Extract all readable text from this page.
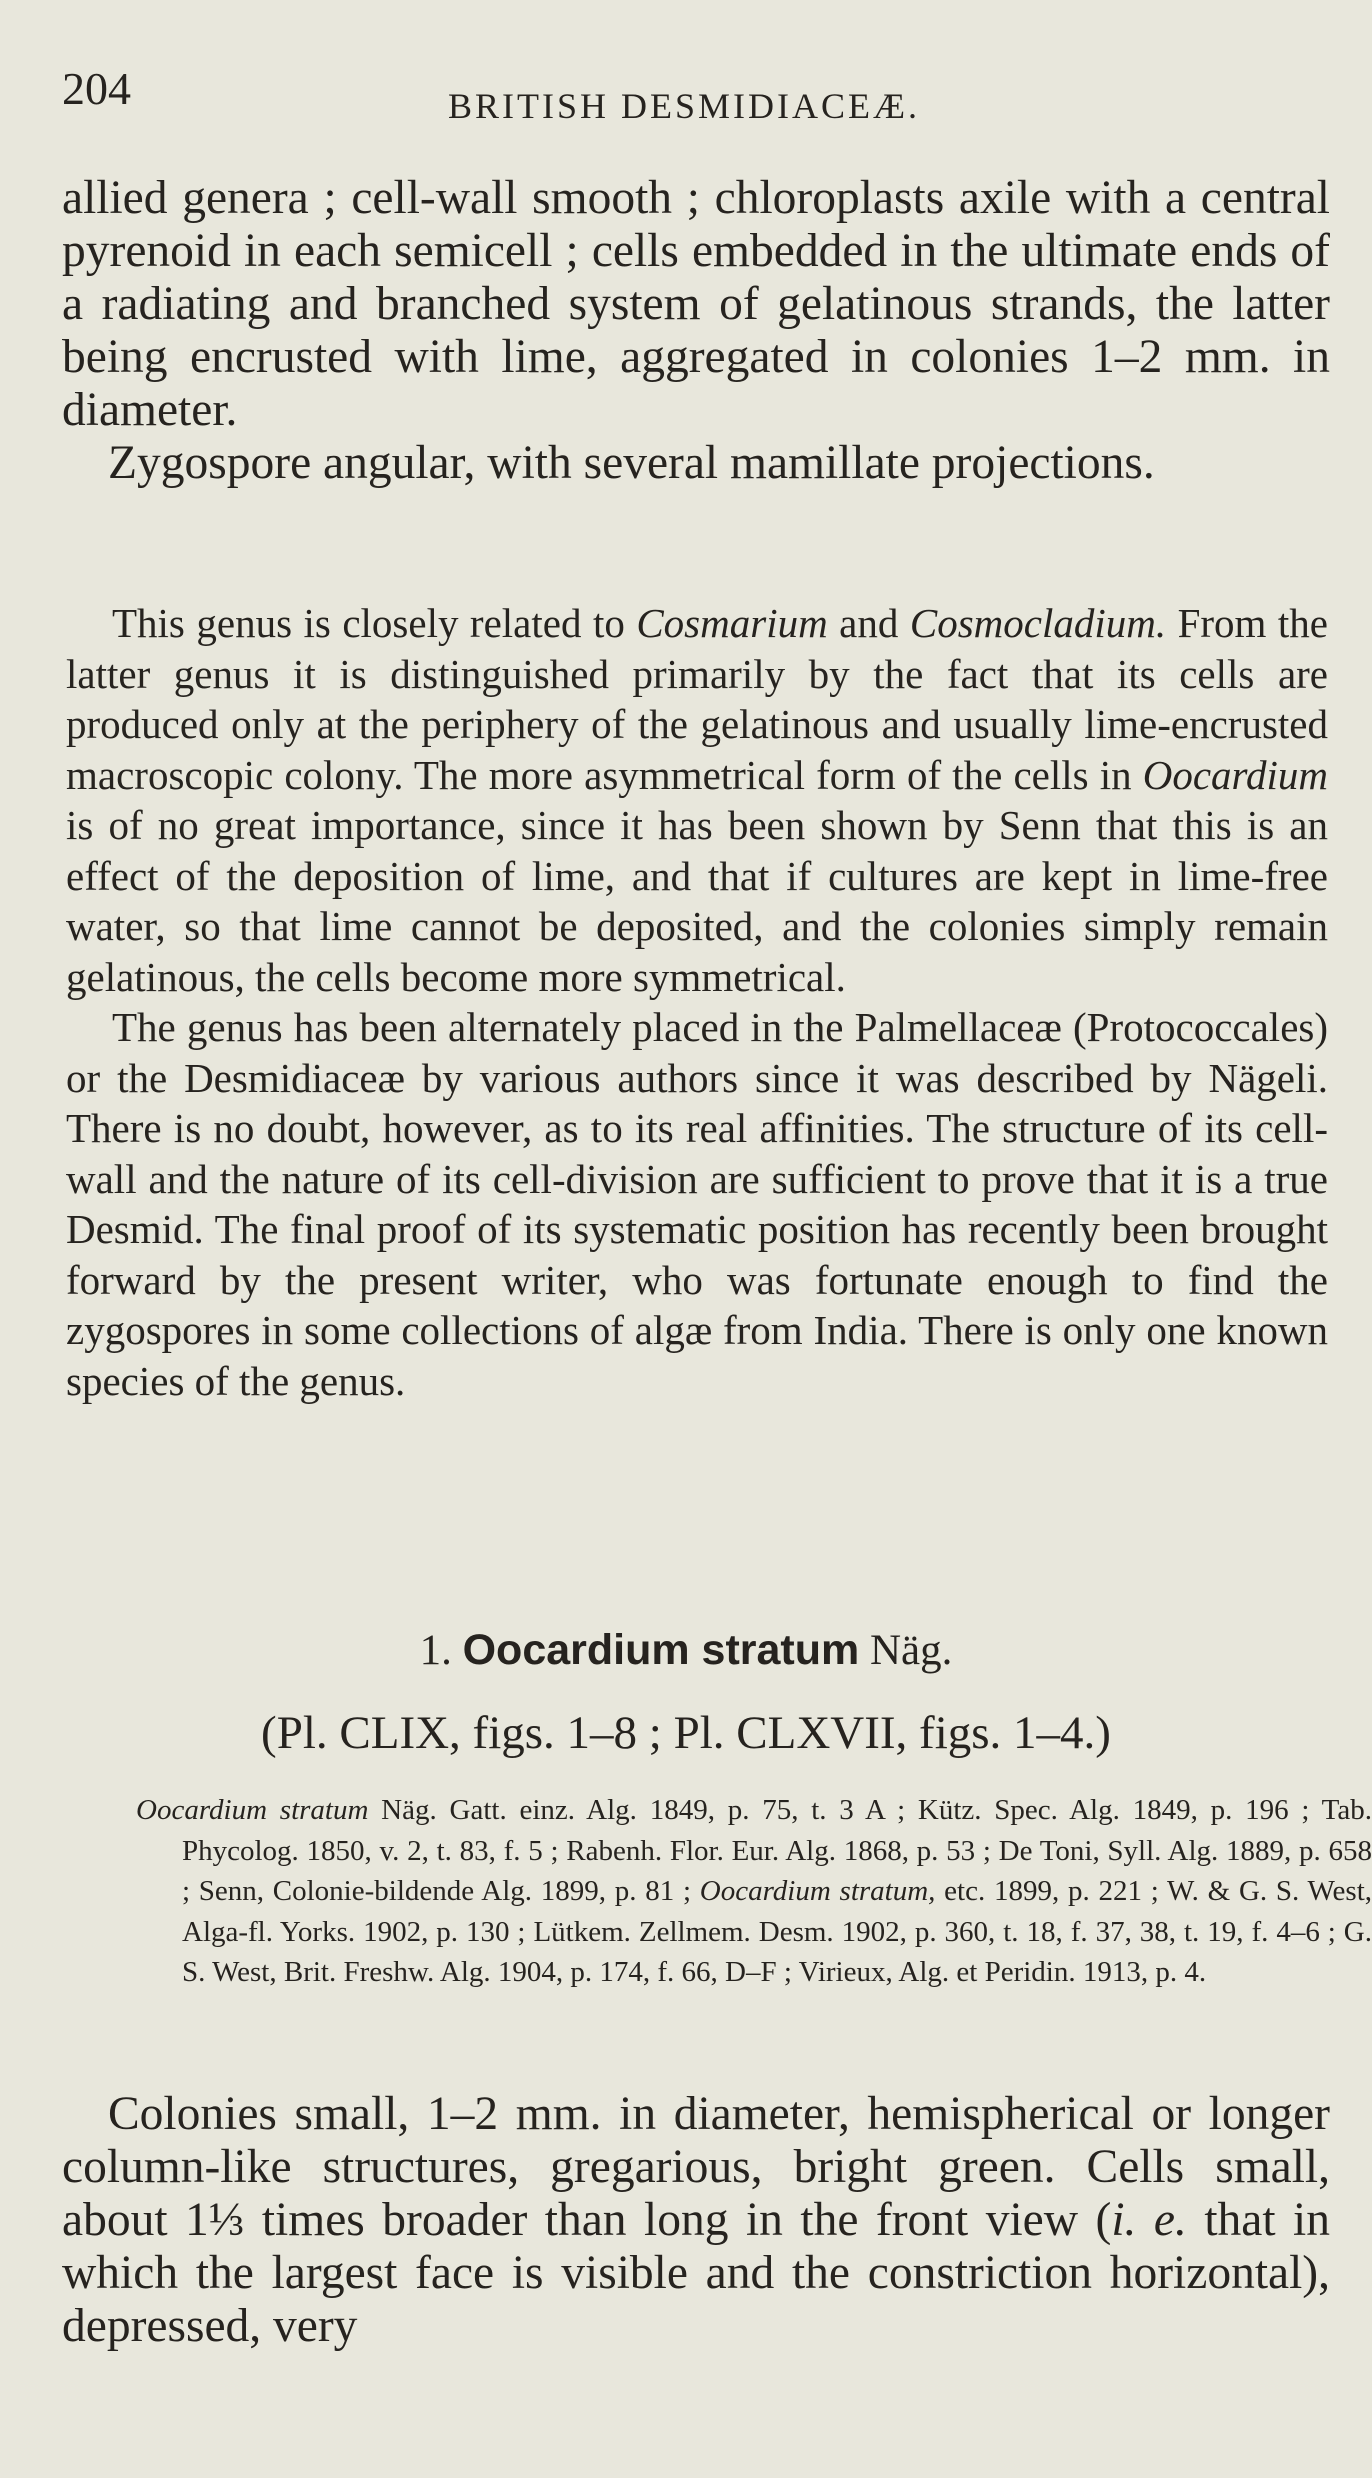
204	BRITISH DESMIDIACEÆ.

allied genera ; cell-wall smooth ; chloroplasts axile with a central pyrenoid in each semicell ; cells embedded in the ultimate ends of a radiating and branched system of gelatinous strands, the latter being encrusted with lime, aggregated in colonies 1–2 mm. in diameter.

Zygospore angular, with several mamillate projections.

This genus is closely related to Cosmarium and Cosmocladium. From the latter genus it is distinguished primarily by the fact that its cells are produced only at the periphery of the gelatinous and usually lime-encrusted macroscopic colony. The more asymmetrical form of the cells in Oocardium is of no great importance, since it has been shown by Senn that this is an effect of the deposition of lime, and that if cultures are kept in lime-free water, so that lime cannot be deposited, and the colonies simply remain gelatinous, the cells become more symmetrical.

The genus has been alternately placed in the Palmellaceæ (Protococcales) or the Desmidiaceæ by various authors since it was described by Nägeli. There is no doubt, however, as to its real affinities. The structure of its cell-wall and the nature of its cell-division are sufficient to prove that it is a true Desmid. The final proof of its systematic position has recently been brought forward by the present writer, who was fortunate enough to find the zygospores in some collections of algæ from India. There is only one known species of the genus.

1. Oocardium stratum Näg.
(Pl. CLIX, figs. 1–8 ; Pl. CLXVII, figs. 1–4.)
Oocardium stratum Näg. Gatt. einz. Alg. 1849, p. 75, t. 3 A ; Kütz. Spec. Alg. 1849, p. 196 ; Tab. Phycolog. 1850, v. 2, t. 83, f. 5 ; Rabenh. Flor. Eur. Alg. 1868, p. 53 ; De Toni, Syll. Alg. 1889, p. 658 ; Senn, Colonie-bildende Alg. 1899, p. 81 ; Oocardium stratum, etc. 1899, p. 221 ; W. & G. S. West, Alga-fl. Yorks. 1902, p. 130 ; Lütkem. Zellmem. Desm. 1902, p. 360, t. 18, f. 37, 38, t. 19, f. 4–6 ; G. S. West, Brit. Freshw. Alg. 1904, p. 174, f. 66, D–F ; Virieux, Alg. et Peridin. 1913, p. 4.

Colonies small, 1–2 mm. in diameter, hemispherical or longer column-like structures, gregarious, bright green. Cells small, about 1⅓ times broader than long in the front view (i. e. that in which the largest face is visible and the constriction horizontal), depressed, very
